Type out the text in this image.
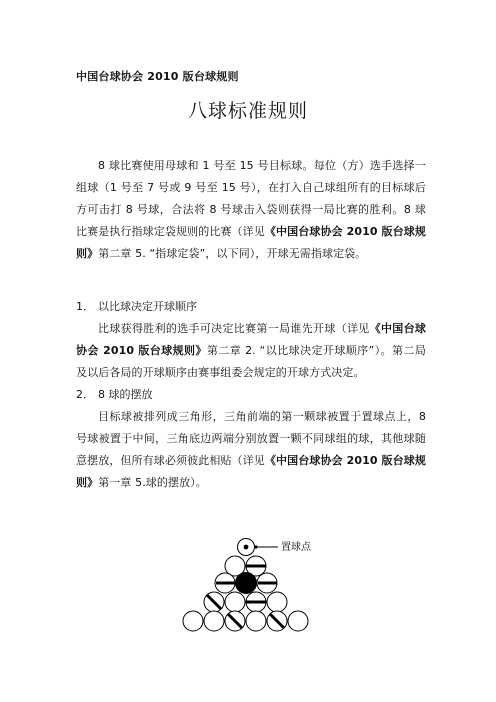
中国台球协会 2010 版台球规则
八球标准规则

8 球比赛使用母球和 1 号至 15 号目标球。每位（方）选手选择一组球（1 号至 7 号或 9 号至 15 号），在打入自己球组所有的目标球后方可击打 8 号球，合法将 8 号球击入袋则获得一局比赛的胜利。8 球比赛是执行指球定袋规则的比赛（详见《中国台球协会 2010 版台球规则》第二章 5. “指球定袋”，以下同），开球无需指球定袋。

1． 以比球决定开球顺序

比球获得胜利的选手可决定比赛第一局谁先开球（详见《中国台球协会 2010 版台球规则》第二章 2. “以比球决定开球顺序”）。第二局及以后各局的开球顺序由赛事组委会规定的开球方式决定。

2． 8 球的摆放

目标球被排列成三角形，三角前端的第一颗球被置于置球点上，8 号球被置于中间，三角底边两端分别放置一颗不同球组的球，其他球随意摆放，但所有球必须彼此相贴（详见《中国台球协会 2010 版台球规则》第一章 5.球的摆放）。

置球点
